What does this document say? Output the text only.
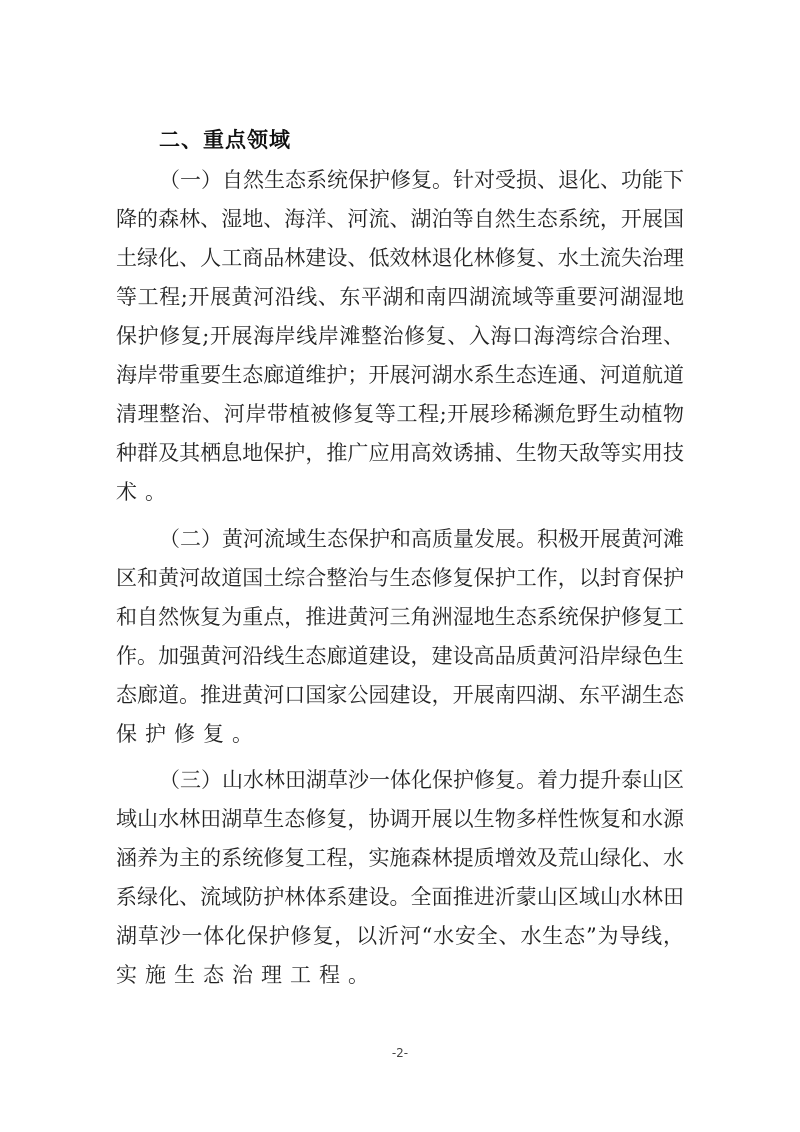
二、重点领域
（一）自然生态系统保护修复。针对受损、退化、功能下
降的森林、湿地、海洋、河流、湖泊等自然生态系统，开展国
土绿化、人工商品林建设、低效林退化林修复、水土流失治理
等工程;开展黄河沿线、东平湖和南四湖流域等重要河湖湿地
保护修复;开展海岸线岸滩整治修复、入海口海湾综合治理、
海岸带重要生态廊道维护；开展河湖水系生态连通、河道航道
清理整治、河岸带植被修复等工程;开展珍稀濒危野生动植物
种群及其栖息地保护，推广应用高效诱捕、生物天敌等实用技
术。
（二）黄河流域生态保护和高质量发展。积极开展黄河滩
区和黄河故道国土综合整治与生态修复保护工作，以封育保护
和自然恢复为重点，推进黄河三角洲湿地生态系统保护修复工
作。加强黄河沿线生态廊道建设，建设高品质黄河沿岸绿色生
态廊道。推进黄河口国家公园建设，开展南四湖、东平湖生态
保护修复。
（三）山水林田湖草沙一体化保护修复。着力提升泰山区
域山水林田湖草生态修复，协调开展以生物多样性恢复和水源
涵养为主的系统修复工程，实施森林提质增效及荒山绿化、水
系绿化、流域防护林体系建设。全面推进沂蒙山区域山水林田
湖草沙一体化保护修复，以沂河“水安全、水生态”为导线，
实施生态治理工程。
-2-
